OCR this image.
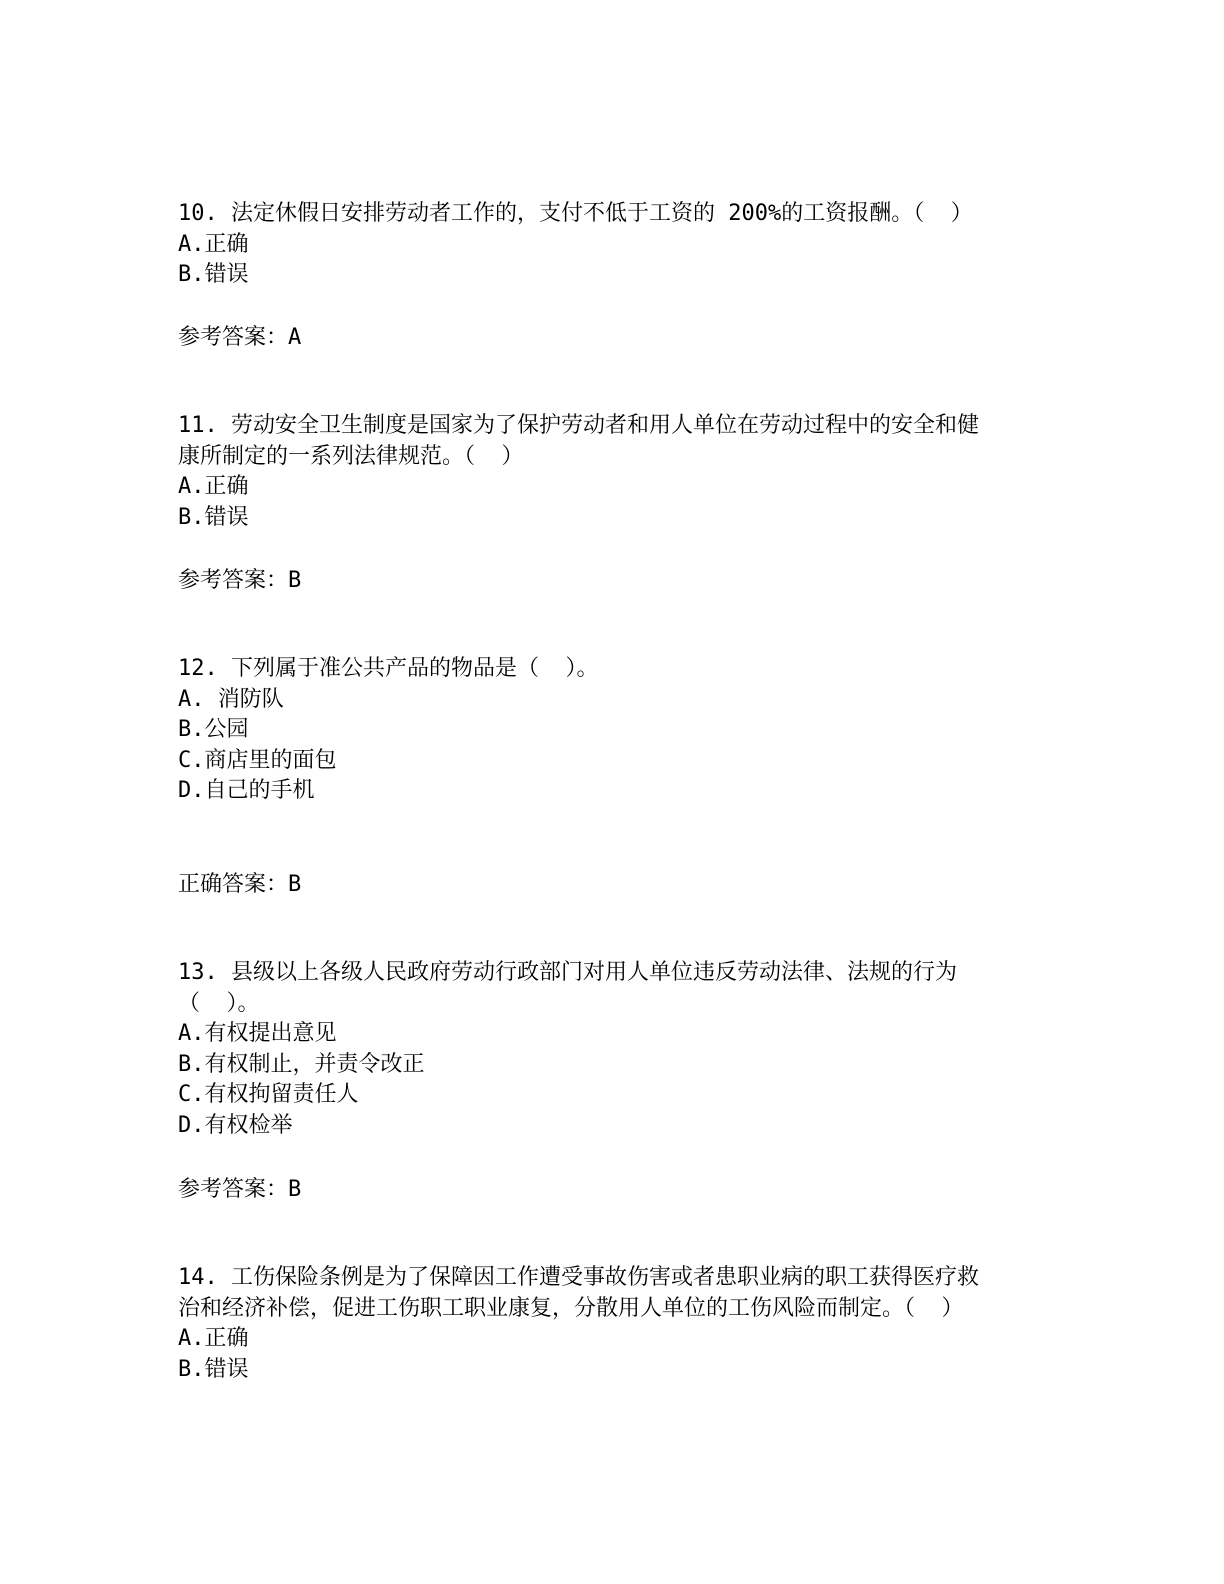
10. 法定休假日安排劳动者工作的，支付不低于工资的 200%的工资报酬。（  ）
A.正确
B.错误
参考答案：A
11. 劳动安全卫生制度是国家为了保护劳动者和用人单位在劳动过程中的安全和健
康所制定的一系列法律规范。（  ）
A.正确
B.错误
参考答案：B
12. 下列属于准公共产品的物品是（  ）。
A. 消防队
B.公园
C.商店里的面包
D.自己的手机
正确答案：B
13. 县级以上各级人民政府劳动行政部门对用人单位违反劳动法律、法规的行为
（  ）。
A.有权提出意见
B.有权制止，并责令改正
C.有权拘留责任人
D.有权检举
参考答案：B
14. 工伤保险条例是为了保障因工作遭受事故伤害或者患职业病的职工获得医疗救
治和经济补偿，促进工伤职工职业康复，分散用人单位的工伤风险而制定。（  ）
A.正确
B.错误
